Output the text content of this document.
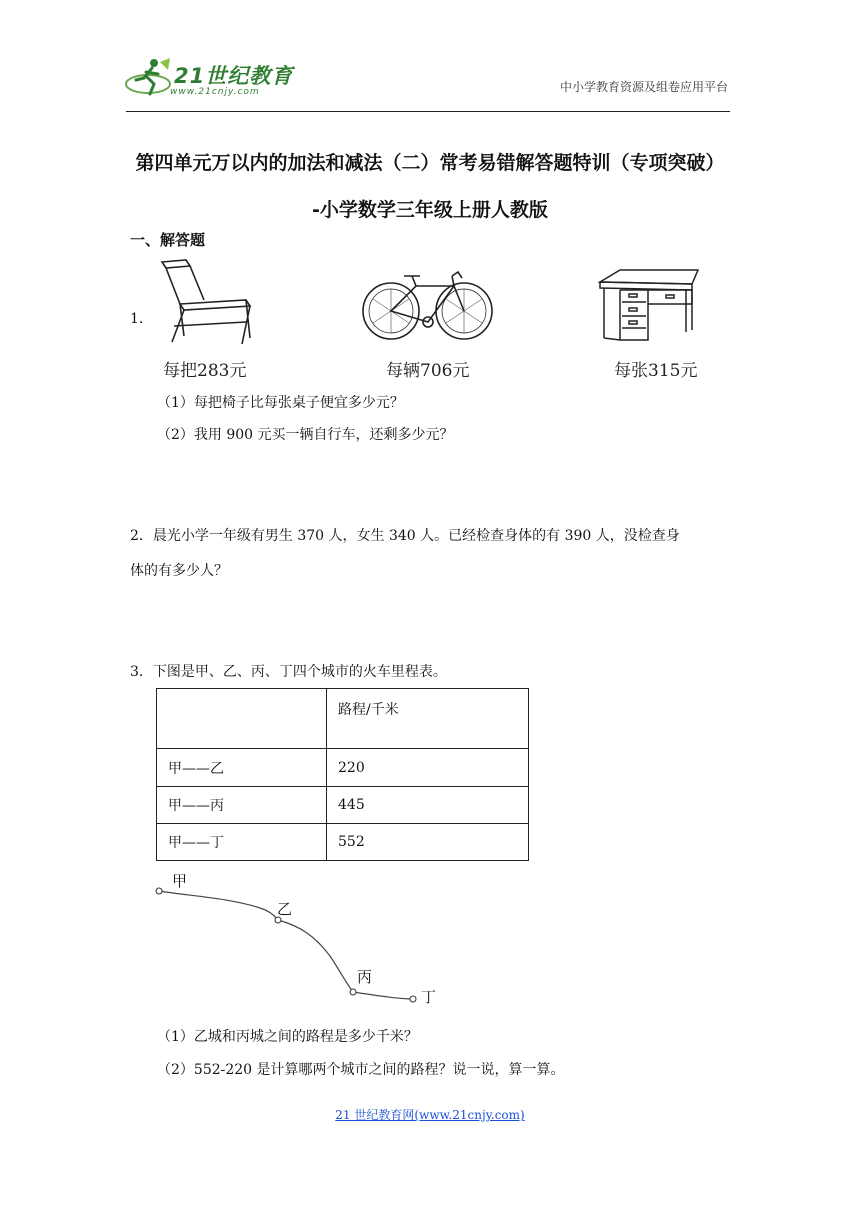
21世纪教育
www.21cnjy.com	中小学教育资源及组卷应用平台
第四单元万以内的加法和减法（二）常考易错解答题特训（专项突破）
-小学数学三年级上册人教版
一、解答题
1．
每把283元	每辆706元	每张315元
（1）每把椅子比每张桌子便宜多少元？
（2）我用 900 元买一辆自行车，还剩多少元？
2．晨光小学一年级有男生 370 人，女生 340 人。已经检查身体的有 390 人，没检查身
体的有多少人？
3．下图是甲、乙、丙、丁四个城市的火车里程表。
	路程/千米
甲——乙	220
甲——丙	445
甲——丁	552
甲
乙
丙
丁
（1）乙城和丙城之间的路程是多少千米？
（2）552-220 是计算哪两个城市之间的路程？说一说，算一算。
21 世纪教育网(www.21cnjy.com)
